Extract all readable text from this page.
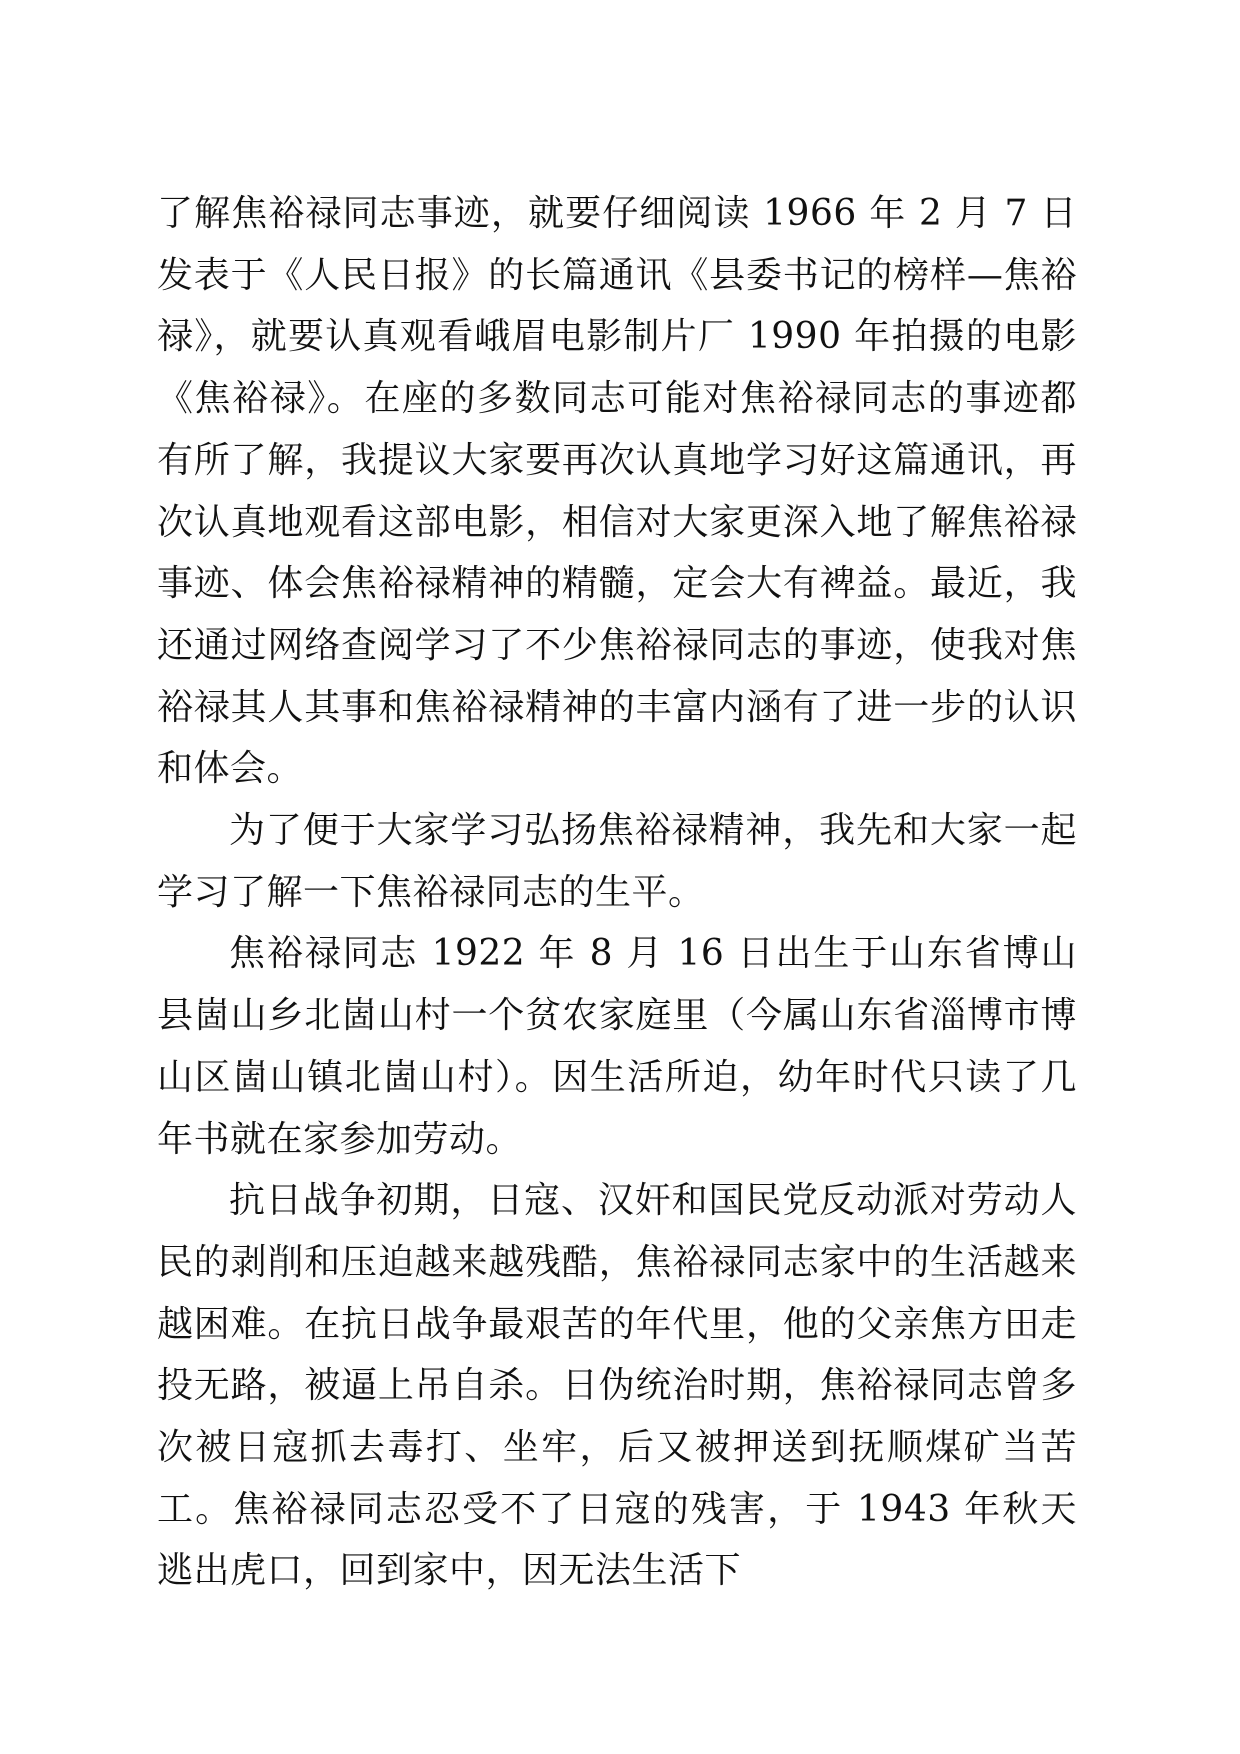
了解焦裕禄同志事迹，就要仔细阅读 1966 年 2 月 7 日发表于《人民日报》的长篇通讯《县委书记的榜样—焦裕禄》，就要认真观看峨眉电影制片厂 1990 年拍摄的电影《焦裕禄》。在座的多数同志可能对焦裕禄同志的事迹都有所了解，我提议大家要再次认真地学习好这篇通讯，再次认真地观看这部电影，相信对大家更深入地了解焦裕禄事迹、体会焦裕禄精神的精髓，定会大有裨益。最近，我还通过网络查阅学习了不少焦裕禄同志的事迹，使我对焦裕禄其人其事和焦裕禄精神的丰富内涵有了进一步的认识和体会。

为了便于大家学习弘扬焦裕禄精神，我先和大家一起学习了解一下焦裕禄同志的生平。

焦裕禄同志 1922 年 8 月 16 日出生于山东省博山县崮山乡北崮山村一个贫农家庭里（今属山东省淄博市博山区崮山镇北崮山村）。因生活所迫，幼年时代只读了几年书就在家参加劳动。

抗日战争初期，日寇、汉奸和国民党反动派对劳动人民的剥削和压迫越来越残酷，焦裕禄同志家中的生活越来越困难。在抗日战争最艰苦的年代里，他的父亲焦方田走投无路，被逼上吊自杀。日伪统治时期，焦裕禄同志曾多次被日寇抓去毒打、坐牢，后又被押送到抚顺煤矿当苦工。焦裕禄同志忍受不了日寇的残害，于 1943 年秋天逃出虎口，回到家中，因无法生活下
